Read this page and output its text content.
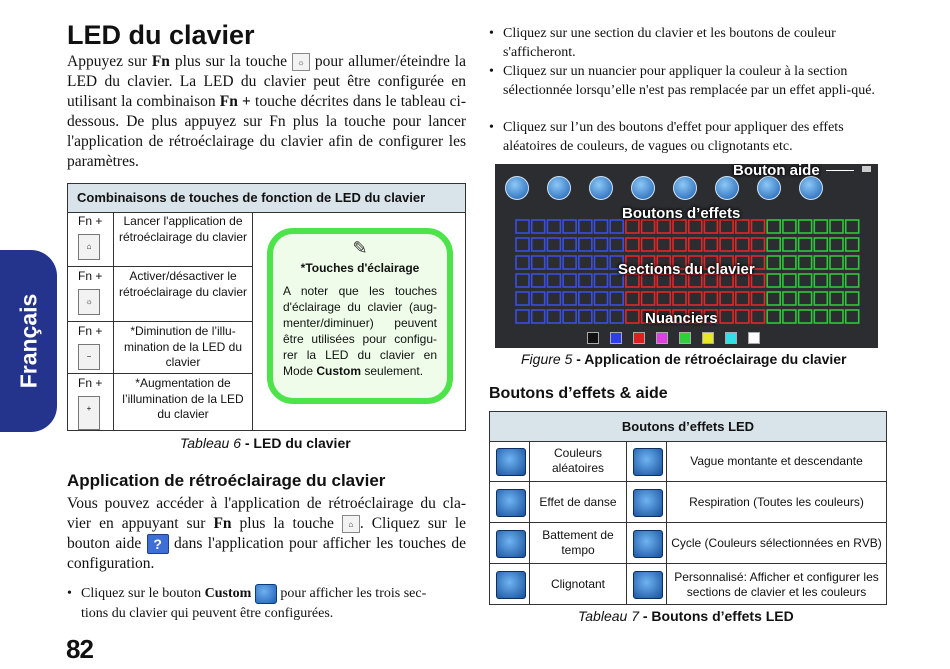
Français
82
LED du clavier

Appuyez sur Fn plus sur la touche ☼ pour allumer/éteindre la LED du clavier. La LED du clavier peut être configurée en utilisant la combinaison Fn + touche décrites dans le tableau ci-dessous. De plus appuyez sur Fn plus la touche pour lancer l'application de rétroéclairage du clavier afin de configurer les paramètres.

Combinaisons de touches de fonction de LED du clavier
Fn +
⌂
Lancer l'application de rétroéclairage du clavier
Fn +
☼
Activer/désactiver le rétroéclairage du clavier
Fn +
−
*Diminution de l’illu-mination de la LED du clavier
Fn +
+
*Augmentation de l’illumination de la LED du clavier
✎
*Touches d'éclairage
A noter que les touches d'éclairage du clavier (aug-menter/diminuer) peuvent être utilisées pour configu-rer la LED du clavier en Mode Custom seulement.
Tableau 6 - LED du clavier
Application de rétroéclairage du clavier

Vous pouvez accéder à l'application de rétroéclairage du cla-vier en appuyant sur Fn plus la touche ⌂ . Cliquez sur le bouton aide ? dans l'application pour afficher les touches de configuration.

• Cliquez sur le bouton Custom  pour afficher les trois sec-tions du clavier qui peuvent être configurées.
• Cliquez sur une section du clavier et les boutons de couleur s'afficheront.
• Cliquez sur un nuancier pour appliquer la couleur à la section sélectionnée lorsqu’elle n'est pas remplacée par un effet appli-qué.
• Cliquez sur l’un des boutons d'effet pour appliquer des effets aléatoires de couleurs, de vagues ou clignotants etc.
Bouton aide
Boutons d’effets
Sections du clavier
Nuanciers
Figure 5 - Application de rétroéclairage du clavier
Boutons d’effets & aide
Boutons d’effets LED
Couleurs aléatoires
Vague montante et descendante
Effet de danse	Respiration (Toutes les couleurs)
Battement de tempo
Cycle (Couleurs sélectionnées en RVB)
Clignotant
Personnalisé: Afficher et configurer les sections de clavier et les couleurs
Tableau 7 - Boutons d’effets LED
